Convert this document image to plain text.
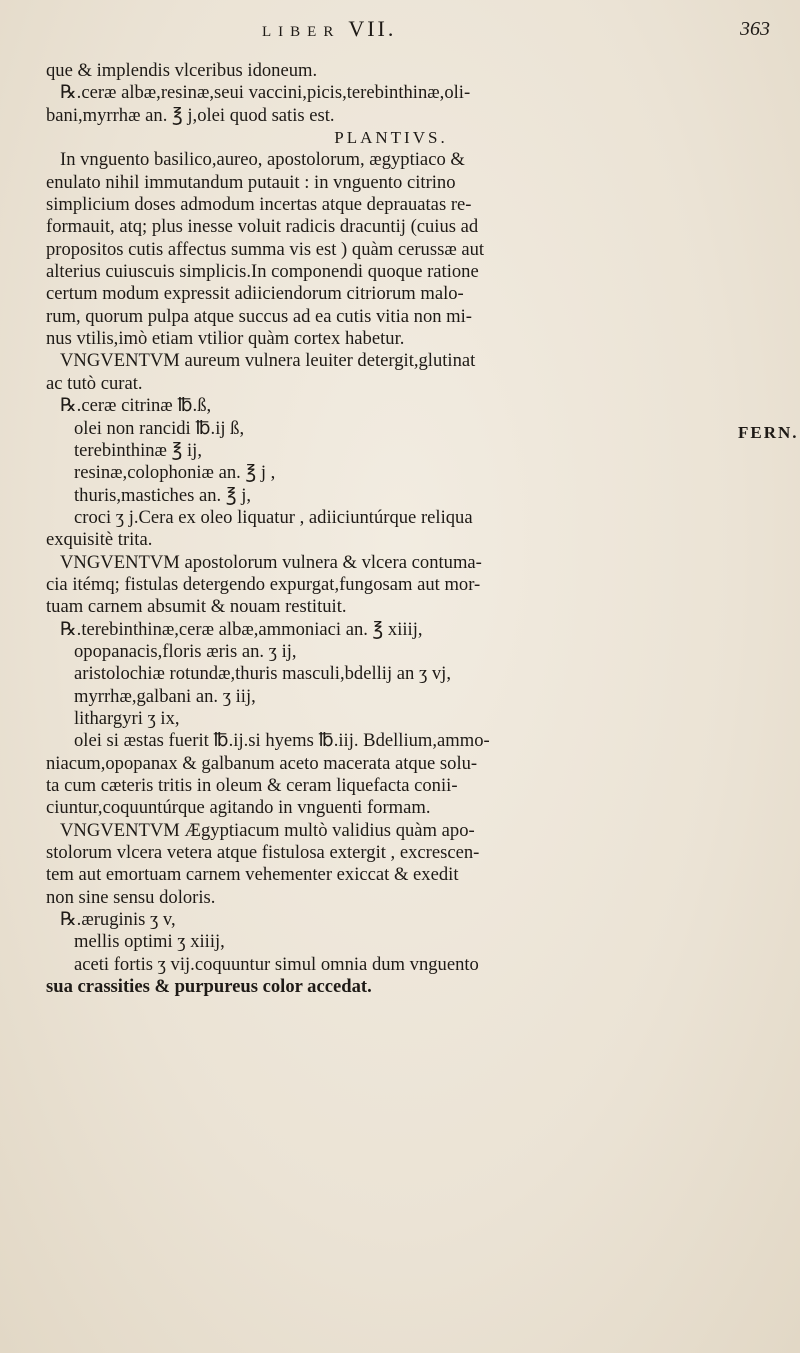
LIBER VII.	363
FERN.
que & implendis vlceribus idoneum.
℞.ceræ albæ,resinæ,seui vaccini,picis,terebinthinæ,oli-
bani,myrrhæ an. ℥ j,olei quod satis est.
PLANTIVS.
In vnguento basilico,aureo, apostolorum, ægyptiaco &
enulato nihil immutandum putauit : in vnguento citrino
simplicium doses admodum incertas atque deprauatas re-
formauit, atq; plus inesse voluit radicis dracuntij (cuius ad
propositos cutis affectus summa vis est ) quàm cerussæ aut
alterius cuiuscuis simplicis.In componendi quoque ratione
certum modum expressit adiiciendorum citriorum malo-
rum, quorum pulpa atque succus ad ea cutis vitia non mi-
nus vtilis,imò etiam vtilior quàm cortex habetur.
VNGVENTVM aureum vulnera leuiter detergit,glutinat
ac tutò curat.
℞.ceræ citrinæ ℔.ß,
olei non rancidi ℔.ij ß,
terebinthinæ ℥ ij,
resinæ,colophoniæ an. ℥ j ,
thuris,mastiches an. ℥ j,
croci ʒ j.Cera ex oleo liquatur , adiiciuntúrque reliqua
exquisitè trita.
VNGVENTVM apostolorum vulnera & vlcera contuma-
cia itémq; fistulas detergendo expurgat,fungosam aut mor-
tuam carnem absumit & nouam restituit.
℞.terebinthinæ,ceræ albæ,ammoniaci an. ℥ xiiij,
opopanacis,floris æris an. ʒ ij,
aristolochiæ rotundæ,thuris masculi,bdellij an ʒ vj,
myrrhæ,galbani an. ʒ iij,
lithargyri ʒ ix,
olei si æstas fuerit ℔.ij.si hyems ℔.iij. Bdellium,ammo-
niacum,opopanax & galbanum aceto macerata atque solu-
ta cum cæteris tritis in oleum & ceram liquefacta conii-
ciuntur,coquuntúrque agitando in vnguenti formam.
VNGVENTVM Ægyptiacum multò validius quàm apo-
stolorum vlcera vetera atque fistulosa extergit , excrescen-
tem aut emortuam carnem vehementer exiccat & exedit
non sine sensu doloris.
℞.æruginis ʒ v,
mellis optimi ʒ xiiij,
aceti fortis ʒ vij.coquuntur simul omnia dum vnguento
sua crassities & purpureus color accedat.
